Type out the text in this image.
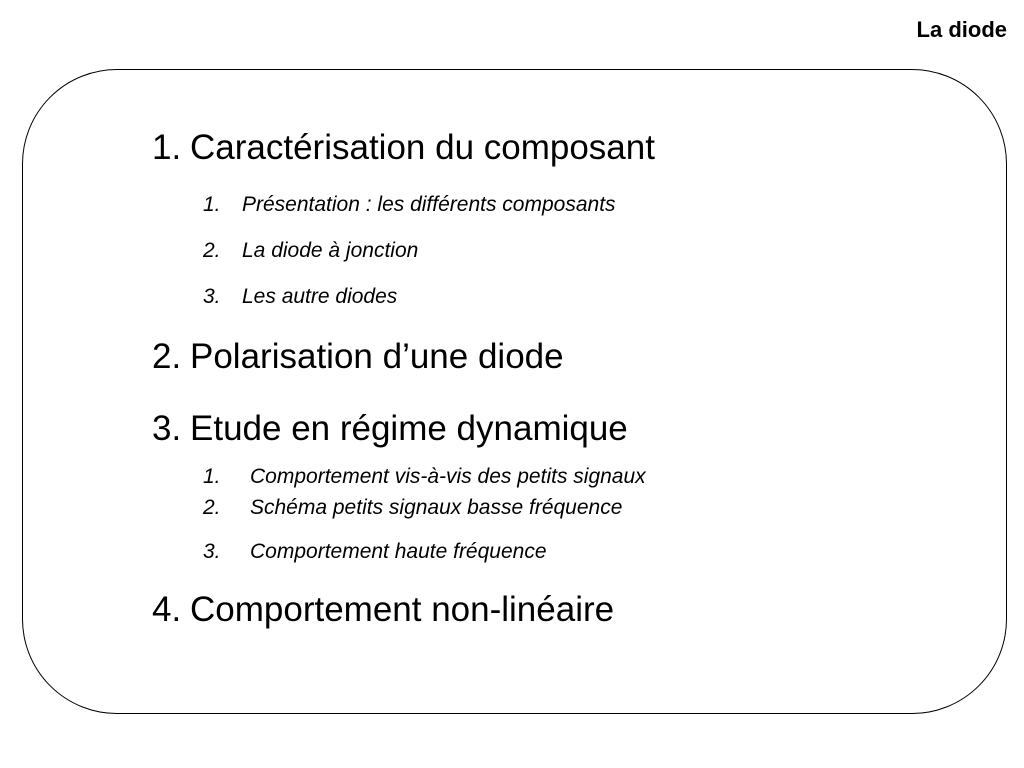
La diode
1. Caractérisation du composant
1. Présentation : les différents composants
2. La diode à jonction
3. Les autre diodes
2. Polarisation d’une diode
3. Etude en régime dynamique
1. Comportement vis-à-vis des petits signaux
2. Schéma petits signaux basse fréquence
3. Comportement haute fréquence
4. Comportement non-linéaire
